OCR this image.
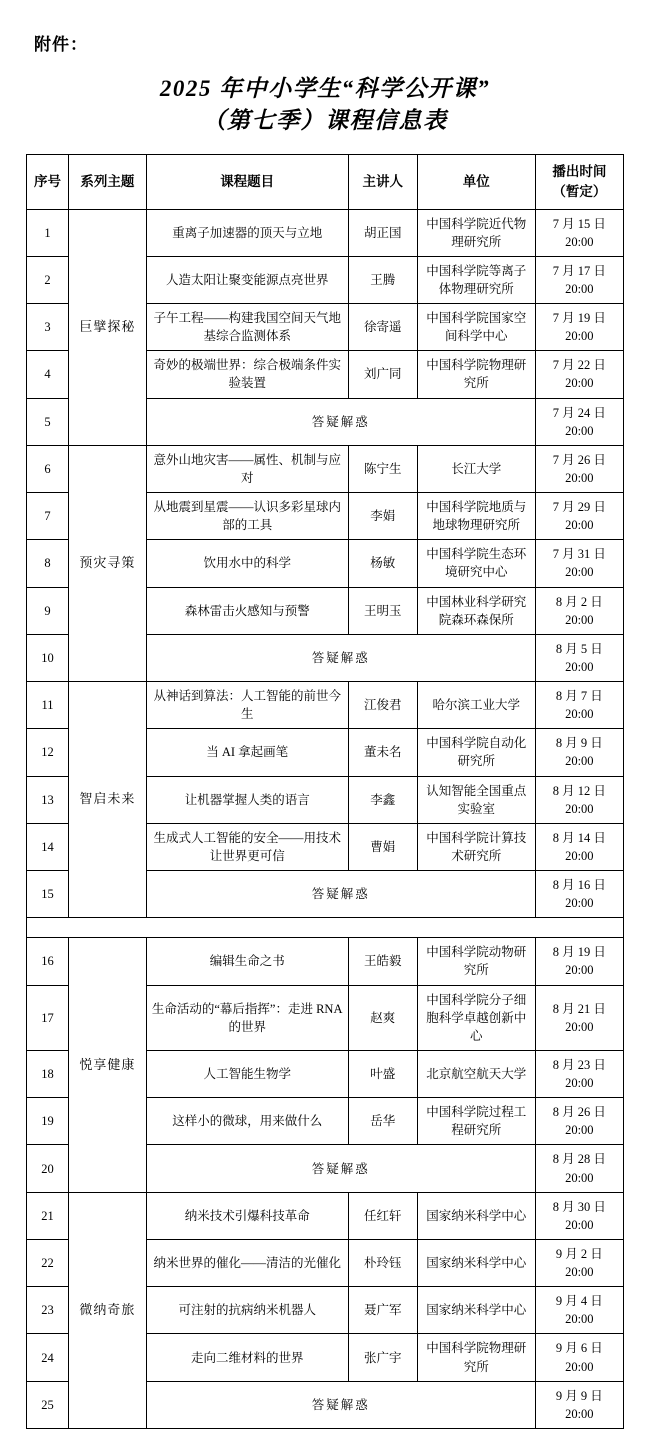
附件：
2025 年中小学生“科学公开课”
（第七季）课程信息表
序号	系列主题	课程题目	主讲人	单位	播出时间
（暂定）

1	巨擘探秘	重离子加速器的顶天与立地	胡正国	中国科学院近代物理研究所	7 月 15 日
20:00

2		人造太阳让聚变能源点亮世界	王腾	中国科学院等离子体物理研究所	7 月 17 日
20:00

3		子午工程——构建我国空间天气地基综合监测体系	徐寄遥	中国科学院国家空间科学中心	7 月 19 日
20:00

4		奇妙的极端世界：综合极端条件实验装置	刘广同	中国科学院物理研究所	7 月 22 日
20:00

5		答疑解惑			7 月 24 日
20:00

6	预灾寻策	意外山地灾害——属性、机制与应对	陈宁生	长江大学	7 月 26 日
20:00

7		从地震到星震——认识多彩星球内部的工具	李娟	中国科学院地质与地球物理研究所	7 月 29 日
20:00

8		饮用水中的科学	杨敏	中国科学院生态环境研究中心	7 月 31 日
20:00

9		森林雷击火感知与预警	王明玉	中国林业科学研究院森环森保所	8 月 2 日
20:00

10		答疑解惑			8 月 5 日
20:00

11	智启未来	从神话到算法：人工智能的前世今生	江俊君	哈尔滨工业大学	8 月 7 日
20:00

12		当 AI 拿起画笔	董未名	中国科学院自动化研究所	8 月 9 日
20:00

13		让机器掌握人类的语言	李鑫	认知智能全国重点实验室	8 月 12 日
20:00

14		生成式人工智能的安全——用技术让世界更可信	曹娟	中国科学院计算技术研究所	8 月 14 日
20:00

15		答疑解惑			8 月 16 日
20:00

16	悦享健康	编辑生命之书	王皓毅	中国科学院动物研究所	8 月 19 日
20:00

17		生命活动的“幕后指挥”：走进 RNA 的世界	赵爽	中国科学院分子细胞科学卓越创新中心	8 月 21 日
20:00

18		人工智能生物学	叶盛	北京航空航天大学	8 月 23 日
20:00

19		这样小的微球，用来做什么	岳华	中国科学院过程工程研究所	8 月 26 日
20:00

20		答疑解惑			8 月 28 日
20:00

21	微纳奇旅	纳米技术引爆科技革命	任红轩	国家纳米科学中心	8 月 30 日
20:00

22		纳米世界的催化——清洁的光催化	朴玲钰	国家纳米科学中心	9 月 2 日
20:00

23		可注射的抗病纳米机器人	聂广军	国家纳米科学中心	9 月 4 日
20:00

24		走向二维材料的世界	张广宇	中国科学院物理研究所	9 月 6 日
20:00

25		答疑解惑			9 月 9 日
20:00
